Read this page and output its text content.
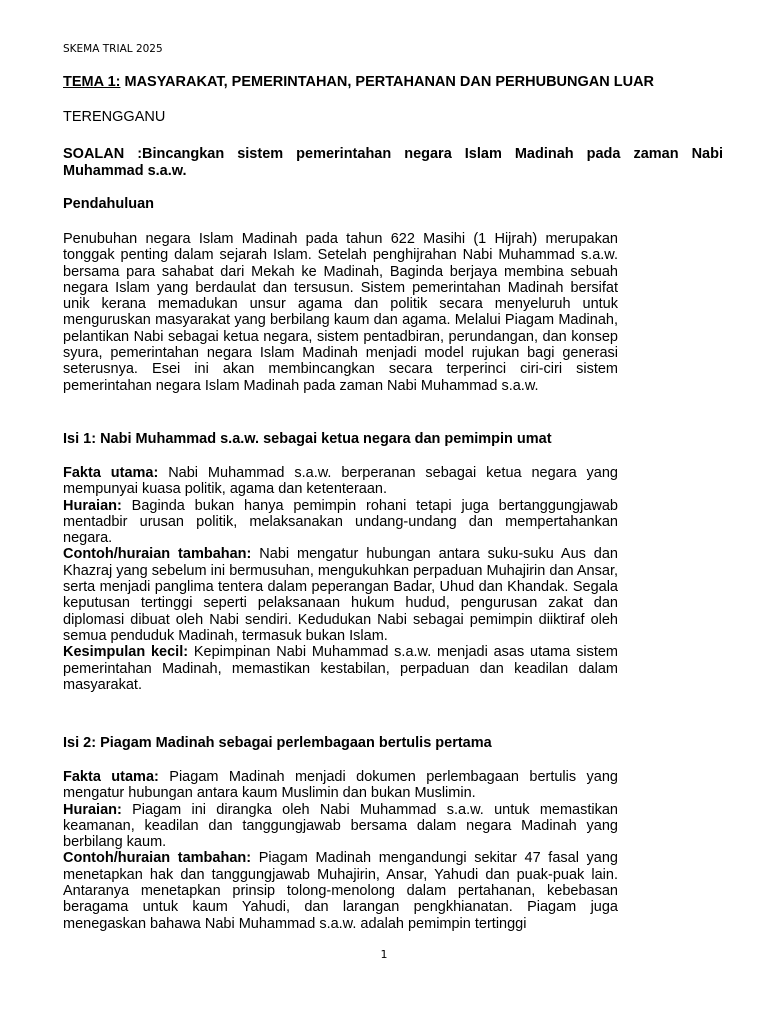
SKEMA TRIAL 2025
TEMA 1: MASYARAKAT, PEMERINTAHAN, PERTAHANAN DAN PERHUBUNGAN LUAR
TERENGGANU
SOALAN :Bincangkan sistem pemerintahan negara Islam Madinah pada zaman Nabi Muhammad s.a.w.
Pendahuluan
Penubuhan negara Islam Madinah pada tahun 622 Masihi (1 Hijrah) merupakan tonggak penting dalam sejarah Islam. Setelah penghijrahan Nabi Muhammad s.a.w. bersama para sahabat dari Mekah ke Madinah, Baginda berjaya membina sebuah negara Islam yang berdaulat dan tersusun. Sistem pemerintahan Madinah bersifat unik kerana memadukan unsur agama dan politik secara menyeluruh untuk menguruskan masyarakat yang berbilang kaum dan agama. Melalui Piagam Madinah, pelantikan Nabi sebagai ketua negara, sistem pentadbiran, perundangan, dan konsep syura, pemerintahan negara Islam Madinah menjadi model rujukan bagi generasi seterusnya. Esei ini akan membincangkan secara terperinci ciri-ciri sistem pemerintahan negara Islam Madinah pada zaman Nabi Muhammad s.a.w.
Isi 1: Nabi Muhammad s.a.w. sebagai ketua negara dan pemimpin umat
Fakta utama: Nabi Muhammad s.a.w. berperanan sebagai ketua negara yang mempunyai kuasa politik, agama dan ketenteraan.
Huraian: Baginda bukan hanya pemimpin rohani tetapi juga bertanggungjawab mentadbir urusan politik, melaksanakan undang-undang dan mempertahankan negara.
Contoh/huraian tambahan: Nabi mengatur hubungan antara suku-suku Aus dan Khazraj yang sebelum ini bermusuhan, mengukuhkan perpaduan Muhajirin dan Ansar, serta menjadi panglima tentera dalam peperangan Badar, Uhud dan Khandak. Segala keputusan tertinggi seperti pelaksanaan hukum hudud, pengurusan zakat dan diplomasi dibuat oleh Nabi sendiri. Kedudukan Nabi sebagai pemimpin diiktiraf oleh semua penduduk Madinah, termasuk bukan Islam.
Kesimpulan kecil: Kepimpinan Nabi Muhammad s.a.w. menjadi asas utama sistem pemerintahan Madinah, memastikan kestabilan, perpaduan dan keadilan dalam masyarakat.
Isi 2: Piagam Madinah sebagai perlembagaan bertulis pertama
Fakta utama: Piagam Madinah menjadi dokumen perlembagaan bertulis yang mengatur hubungan antara kaum Muslimin dan bukan Muslimin.
Huraian: Piagam ini dirangka oleh Nabi Muhammad s.a.w. untuk memastikan keamanan, keadilan dan tanggungjawab bersama dalam negara Madinah yang berbilang kaum.
Contoh/huraian tambahan: Piagam Madinah mengandungi sekitar 47 fasal yang menetapkan hak dan tanggungjawab Muhajirin, Ansar, Yahudi dan puak-puak lain. Antaranya menetapkan prinsip tolong-menolong dalam pertahanan, kebebasan beragama untuk kaum Yahudi, dan larangan pengkhianatan. Piagam juga menegaskan bahawa Nabi Muhammad s.a.w. adalah pemimpin tertinggi
1
